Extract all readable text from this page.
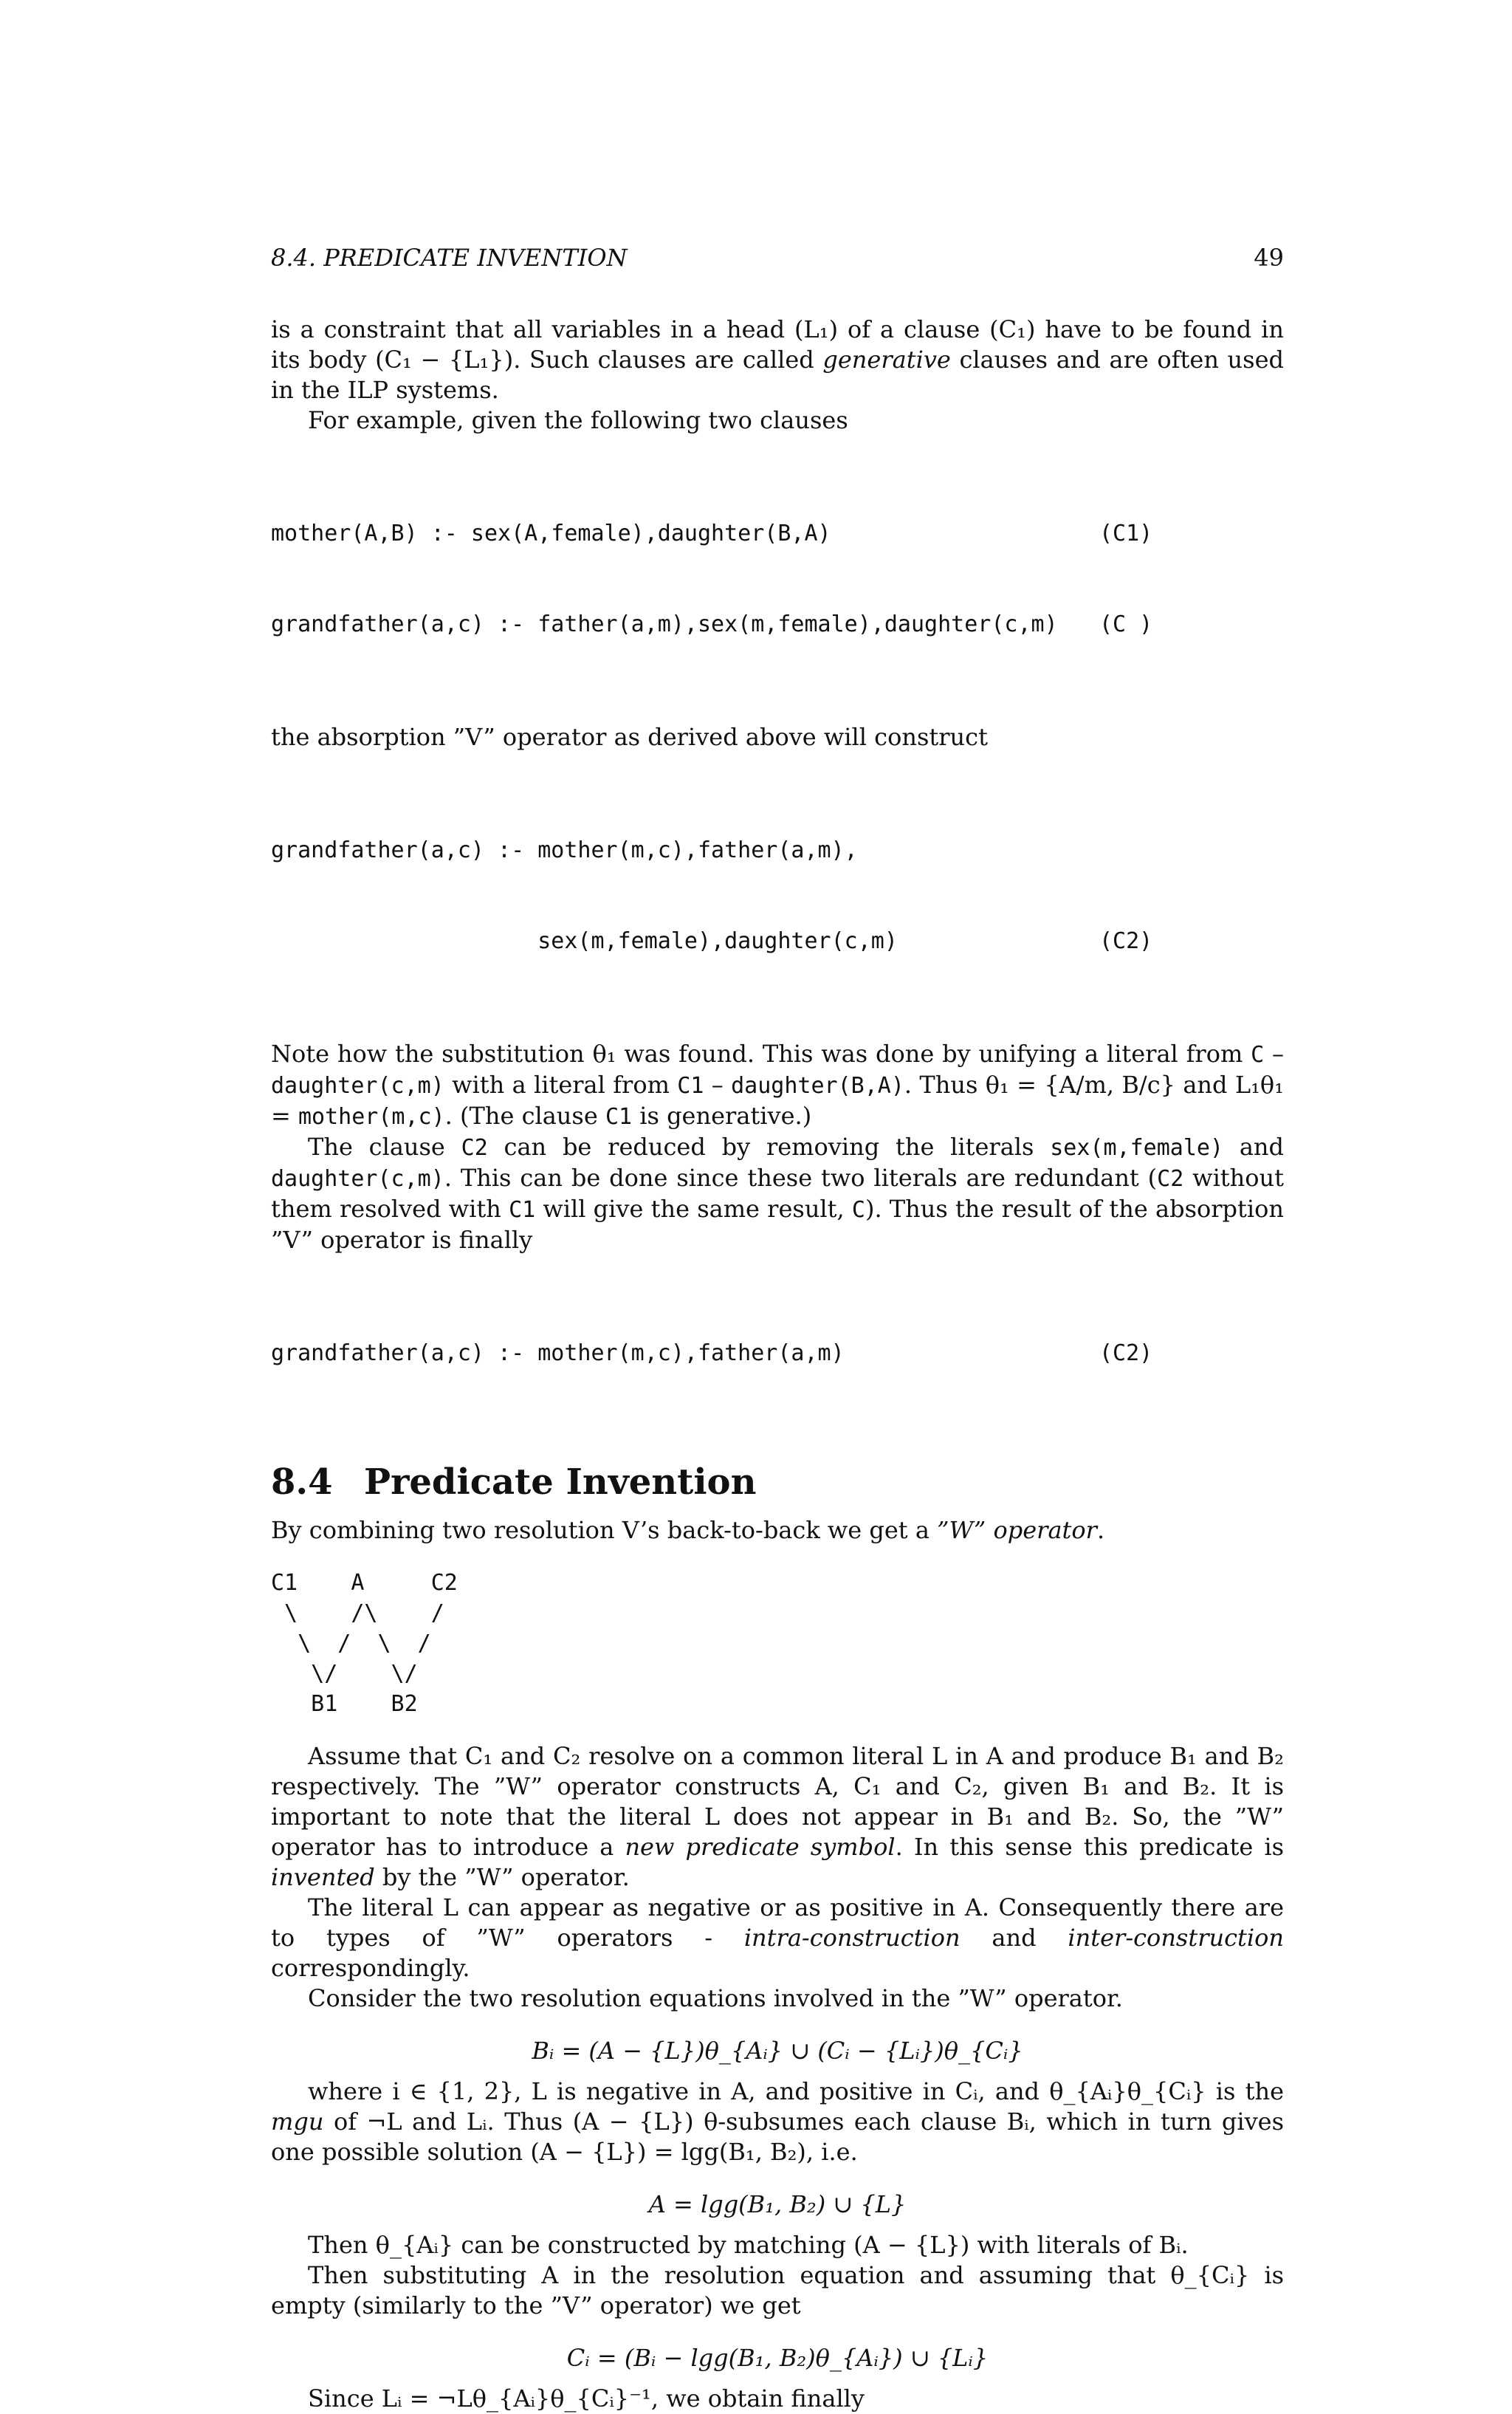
8.4. PREDICATE INVENTION	49

is a constraint that all variables in a head (L₁) of a clause (C₁) have to be found in its body (C₁ − {L₁}). Such clauses are called generative clauses and are often used in the ILP systems.

For example, given the following two clauses

mother(A,B) :- sex(A,female),daughter(B,A)	(C1)

grandfather(a,c) :- father(a,m),sex(m,female),daughter(c,m) (C )

the absorption ”V” operator as derived above will construct

grandfather(a,c) :- mother(m,c),father(a,m),

sex(m,female),daughter(c,m)	(C2)

Note how the substitution θ₁ was found. This was done by unifying a literal from C – daughter(c,m) with a literal from C1 – daughter(B,A). Thus θ₁ = {A/m, B/c} and L₁θ₁ = mother(m,c). (The clause C1 is generative.)

The clause C2 can be reduced by removing the literals sex(m,female) and daughter(c,m). This can be done since these two literals are redundant (C2 without them resolved with C1 will give the same result, C). Thus the result of the absorption ”V” operator is finally

grandfather(a,c) :- mother(m,c),father(a,m)	(C2)

8.4 Predicate Invention

By combining two resolution V’s back-to-back we get a ”W” operator.

C1    A     C2
\    /\    /
\  /  \  /
\/    \/
B1    B2

Assume that C₁ and C₂ resolve on a common literal L in A and produce B₁ and B₂ respectively. The ”W” operator constructs A, C₁ and C₂, given B₁ and B₂. It is important to note that the literal L does not appear in B₁ and B₂. So, the ”W” operator has to introduce a new predicate symbol. In this sense this predicate is invented by the ”W” operator.

The literal L can appear as negative or as positive in A. Consequently there are to types of ”W” operators - intra-construction and inter-construction correspondingly.

Consider the two resolution equations involved in the ”W” operator.

Bᵢ = (A − {L})θ_{Aᵢ} ∪ (Cᵢ − {Lᵢ})θ_{Cᵢ}

where i ∈ {1, 2}, L is negative in A, and positive in Cᵢ, and θ_{Aᵢ}θ_{Cᵢ} is the mgu of ¬L and Lᵢ. Thus (A − {L}) θ-subsumes each clause Bᵢ, which in turn gives one possible solution (A − {L}) = lgg(B₁, B₂), i.e.

A = lgg(B₁, B₂) ∪ {L}

Then θ_{Aᵢ} can be constructed by matching (A − {L}) with literals of Bᵢ.

Then substituting A in the resolution equation and assuming that θ_{Cᵢ} is empty (similarly to the ”V” operator) we get

Cᵢ = (Bᵢ − lgg(B₁, B₂)θ_{Aᵢ}) ∪ {Lᵢ}

Since Lᵢ = ¬Lθ_{Aᵢ}θ_{Cᵢ}⁻¹, we obtain finally
